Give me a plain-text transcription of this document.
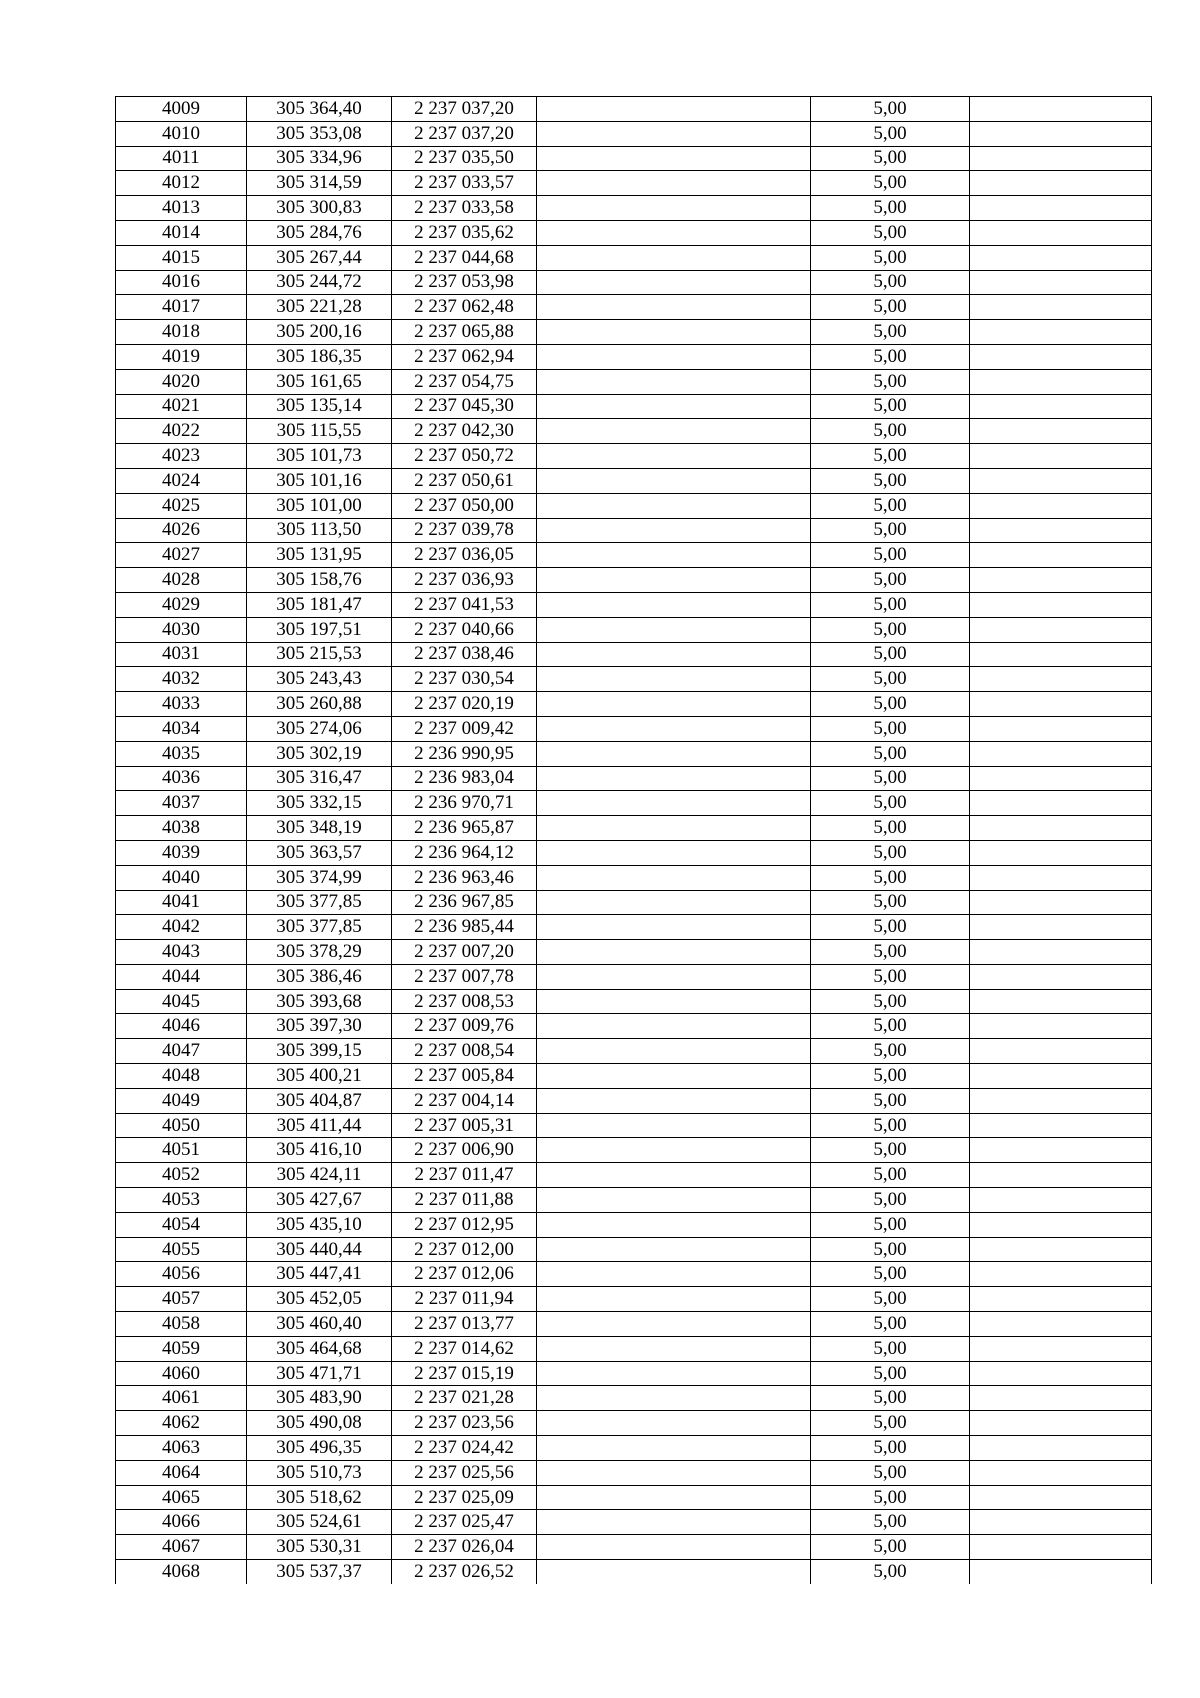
4009	305 364,40	2 237 037,20		5,00	
4010	305 353,08	2 237 037,20		5,00	
4011	305 334,96	2 237 035,50		5,00	
4012	305 314,59	2 237 033,57		5,00	
4013	305 300,83	2 237 033,58		5,00	
4014	305 284,76	2 237 035,62		5,00	
4015	305 267,44	2 237 044,68		5,00	
4016	305 244,72	2 237 053,98		5,00	
4017	305 221,28	2 237 062,48		5,00	
4018	305 200,16	2 237 065,88		5,00	
4019	305 186,35	2 237 062,94		5,00	
4020	305 161,65	2 237 054,75		5,00	
4021	305 135,14	2 237 045,30		5,00	
4022	305 115,55	2 237 042,30		5,00	
4023	305 101,73	2 237 050,72		5,00	
4024	305 101,16	2 237 050,61		5,00	
4025	305 101,00	2 237 050,00		5,00	
4026	305 113,50	2 237 039,78		5,00	
4027	305 131,95	2 237 036,05		5,00	
4028	305 158,76	2 237 036,93		5,00	
4029	305 181,47	2 237 041,53		5,00	
4030	305 197,51	2 237 040,66		5,00	
4031	305 215,53	2 237 038,46		5,00	
4032	305 243,43	2 237 030,54		5,00	
4033	305 260,88	2 237 020,19		5,00	
4034	305 274,06	2 237 009,42		5,00	
4035	305 302,19	2 236 990,95		5,00	
4036	305 316,47	2 236 983,04		5,00	
4037	305 332,15	2 236 970,71		5,00	
4038	305 348,19	2 236 965,87		5,00	
4039	305 363,57	2 236 964,12		5,00	
4040	305 374,99	2 236 963,46		5,00	
4041	305 377,85	2 236 967,85		5,00	
4042	305 377,85	2 236 985,44		5,00	
4043	305 378,29	2 237 007,20		5,00	
4044	305 386,46	2 237 007,78		5,00	
4045	305 393,68	2 237 008,53		5,00	
4046	305 397,30	2 237 009,76		5,00	
4047	305 399,15	2 237 008,54		5,00	
4048	305 400,21	2 237 005,84		5,00	
4049	305 404,87	2 237 004,14		5,00	
4050	305 411,44	2 237 005,31		5,00	
4051	305 416,10	2 237 006,90		5,00	
4052	305 424,11	2 237 011,47		5,00	
4053	305 427,67	2 237 011,88		5,00	
4054	305 435,10	2 237 012,95		5,00	
4055	305 440,44	2 237 012,00		5,00	
4056	305 447,41	2 237 012,06		5,00	
4057	305 452,05	2 237 011,94		5,00	
4058	305 460,40	2 237 013,77		5,00	
4059	305 464,68	2 237 014,62		5,00	
4060	305 471,71	2 237 015,19		5,00	
4061	305 483,90	2 237 021,28		5,00	
4062	305 490,08	2 237 023,56		5,00	
4063	305 496,35	2 237 024,42		5,00	
4064	305 510,73	2 237 025,56		5,00	
4065	305 518,62	2 237 025,09		5,00	
4066	305 524,61	2 237 025,47		5,00	
4067	305 530,31	2 237 026,04		5,00	
4068	305 537,37	2 237 026,52		5,00	
